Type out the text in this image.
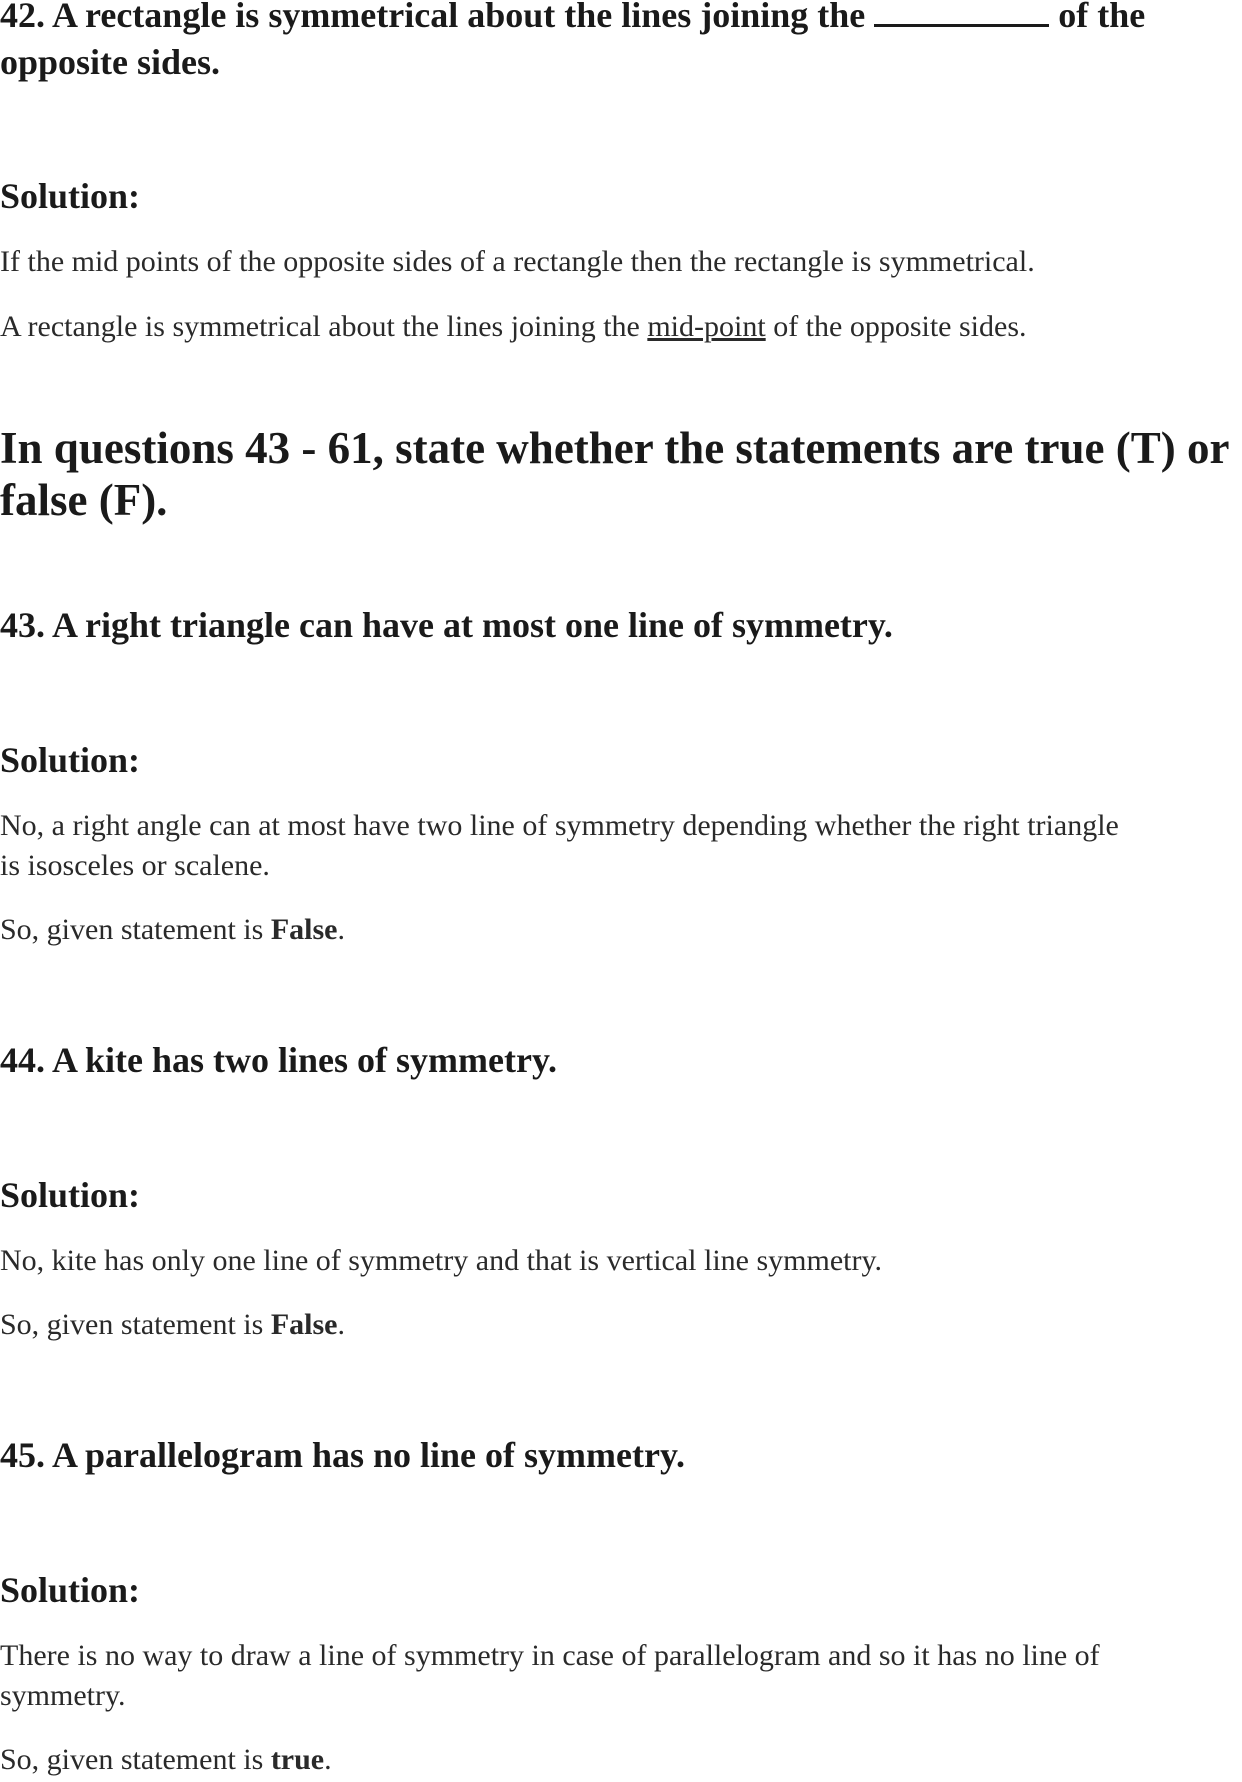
42. A rectangle is symmetrical about the lines joining the	of the
opposite sides.
Solution:
If the mid points of the opposite sides of a rectangle then the rectangle is symmetrical.
A rectangle is symmetrical about the lines joining the mid-point of the opposite sides.
In questions 43 - 61, state whether the statements are true (T) or
false (F).
43. A right triangle can have at most one line of symmetry.
Solution:
No, a right angle can at most have two line of symmetry depending whether the right triangle
is isosceles or scalene.
So, given statement is False.
44. A kite has two lines of symmetry.
Solution:
No, kite has only one line of symmetry and that is vertical line symmetry.
So, given statement is False.
45. A parallelogram has no line of symmetry.
Solution:
There is no way to draw a line of symmetry in case of parallelogram and so it has no line of
symmetry.
So, given statement is true.
